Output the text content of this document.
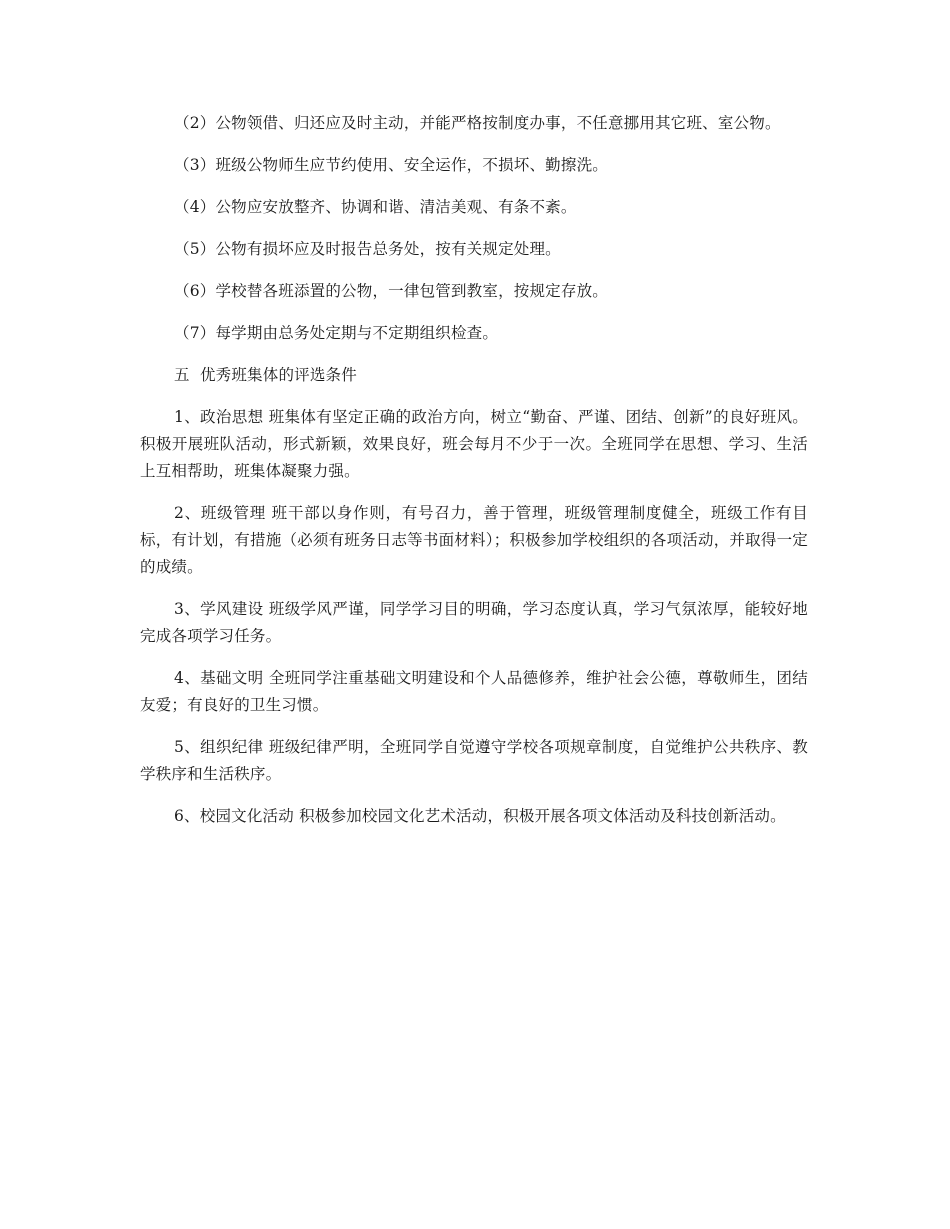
（2）公物领借、归还应及时主动，并能严格按制度办事，不任意挪用其它班、室公物。

（3）班级公物师生应节约使用、安全运作，不损坏、勤擦洗。

（4）公物应安放整齐、协调和谐、清洁美观、有条不紊。

（5）公物有损坏应及时报告总务处，按有关规定处理。

（6）学校替各班添置的公物，一律包管到教室，按规定存放。

（7）每学期由总务处定期与不定期组织检查。

五  优秀班集体的评选条件

1、政治思想 班集体有坚定正确的政治方向，树立“勤奋、严谨、团结、创新”的良好班风。积极开展班队活动，形式新颖，效果良好，班会每月不少于一次。全班同学在思想、学习、生活上互相帮助，班集体凝聚力强。

2、班级管理 班干部以身作则，有号召力，善于管理，班级管理制度健全，班级工作有目标，有计划，有措施（必须有班务日志等书面材料）；积极参加学校组织的各项活动，并取得一定的成绩。

3、学风建设 班级学风严谨，同学学习目的明确，学习态度认真，学习气氛浓厚，能较好地完成各项学习任务。

4、基础文明 全班同学注重基础文明建设和个人品德修养，维护社会公德，尊敬师生，团结友爱；有良好的卫生习惯。

5、组织纪律 班级纪律严明，全班同学自觉遵守学校各项规章制度，自觉维护公共秩序、教学秩序和生活秩序。

6、校园文化活动 积极参加校园文化艺术活动，积极开展各项文体活动及科技创新活动。
